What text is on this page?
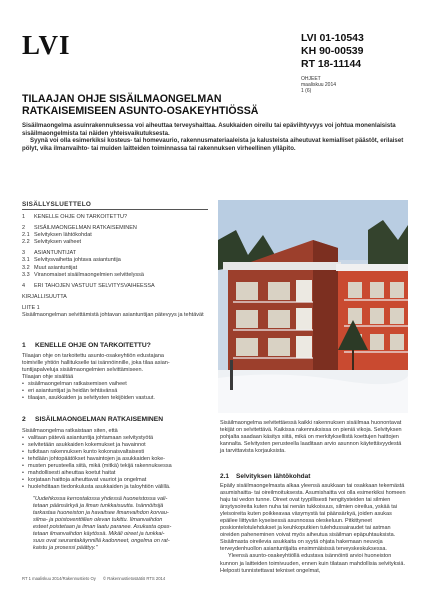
LVI	LVI 01-10543
KH 90-00539
RT 18-11144
OHJEET
maaliskuu 2014
1 (6)
TILAAJAN OHJE SISÄILMAONGELMAN
RATKAISEMISEEN ASUNTO-OSAKEYHTIÖSSÄ

Sisäilmaongelma asuinrakennuksessa voi aiheuttaa terveyshaittaa. Asukkaiden oireilu tai epäviihtyvyys voi johtua monenlaisista sisäilmaongelmista tai näiden yhteisvaikutuksesta.

Syynä voi olla esimerkiksi kosteus- tai homevaurio, rakennusmateriaaleista ja kalusteista aiheutuvat kemialliset päästöt, erilaiset pölyt, vika ilmanvaihto- tai muiden laitteiden toiminnassa tai rakennuksen virheellinen ylläpito.

SISÄLLYSLUETTELO
1	KENELLE OHJE ON TARKOITETTU?
2	SISÄILMAONGELMAN RATKAISEMINEN
2.1 Selvityksen lähtökohdat
2.2 Selvityksen vaiheet
3	ASIANTUNTIJAT
3.1 Selvitysvaihetta johtava asiantuntija
3.2 Muut asiantuntijat
3.3 Viranomaiset sisäilmaongelmien selvittelyssä
4	ERI TAHOJEN VASTUUT SELVITYSVAIHEESSA
KIRJALLISUUTTA
LIITE 1
Sisäilmaongelman selvittämistä johtavan asiantuntijan pätevyys ja tehtävät
1 KENELLE OHJE ON TARKOITETTU?
Tilaajan ohje on tarkoitettu asunto-osakeyhtiön edustajana
toimiville yhtiön hallitukselle tai isännöinnille, joka tilaa asian-
tuntijapalveluja sisäilmaongelmien selvittämiseen.
Tilaajan ohje sisältää
• sisäilmaongelman ratkaisemisen vaiheet
• eri asiantuntijat ja heidän tehtävänsä
• tilaajan, asukkaiden ja selvitysten tekijöiden vastuut.
2 SISÄILMAONGELMAN RATKAISEMINEN
Sisäilmaongelma ratkaistaan siten, että
• valitaan pätevä asiantuntija johtamaan selvitystyötä
• selvitetään asukkaiden kokemukset ja havainnot
• tutkitaan rakennuksen kunto kokonaisvaltaisesti
• tehdään johtopäätökset havaintojen ja asukkaiden koke-
• musten perusteella siitä, mikä (mitkä) tekijä rakennuksessa
• mahdollisesti aiheuttaa koetut haitat
• korjataan haittoja aiheuttavat vauriot ja ongelmat
• huolehditaan tiedonkulusta asukkaiden ja taloyhtiön välillä.
"Uudehkossa kerrostalossa yhdessä huoneistossa vali-
tetaan päänsärkyä ja ilman tunkkaisuutta. Isännöitsijä
tarkastaa huoneiston ja havaitsee ilmanvaihdon korvau-
silma- ja poistoventtiilien olevan tukittu. Ilmanvaihdon
esteet poistetaan ja ilman laatu paranee. Asukasta opas-
tetaan ilmanvaihdon käytössä. Mikäli oireet ja tunkkai-
suus ovat seurantakäynnillä kadonneet, ongelma on rat-
kaistu ja prosessi päättyy."

Sisäilmaongelma selvitettäessä kaikki rakennuksen sisäilmaa huonontavat tekijät on selvitettävä. Kaikissa rakennuksissa on pieniä vikoja. Selvityksen pohjalta saadaan käsitys siitä, mikä on merkityksellistä koettujen haittojen kannalta. Selvitysten perusteella laaditaan arvio asunnon käytettävyydestä ja tarvittavista korjauksista.

2.1 Selvityksen lähtökohdat

Epäily sisäilmaongelmasta alkaa yleensä asukkaan tai osakkaan tekemästä asumishaitta- tai oireilmoituksesta. Asumishaitta voi olla esimerkiksi homeen haju tai vedon tunne. Oireet ovat tyypillisesti hengitysteiden tai silmien ärsytysoireita kuten nuha tai nenän tukkoisuus, silmien oireilua, yskää tai yleisoireita kuten poikkeavaa väsymystä tai päänsärkyä, joiden asukas epäilee liittyvän kyseisessä asunnossa oleskeluun. Pitkittyneet poskiontelotulehdukset ja keuhkoputkien tulehdussairaudet tai astman oireiden paheneminen voivat myös aiheutua sisäilman epäpuhtauksista. Sisäilmasta oireilevia asukkaita on syytä ohjata hakemaan neuvoja terveydenhuollon asiantuntijalta ensimmäisissä terveyskeskuksessa.

Yleensä asunto-osakeyhtiöllä edustava isännöinti arvioi huoneiston kunnon ja laitteiden toimivuuden, ennen kuin tilataan mahdollisia selvityksiä. Helposti tunnistettavat tekniset ongelmat,

RT 1 maaliskuu 2014/Rakennustieto Oy © Rakennustietosäätiö RTS 2014
